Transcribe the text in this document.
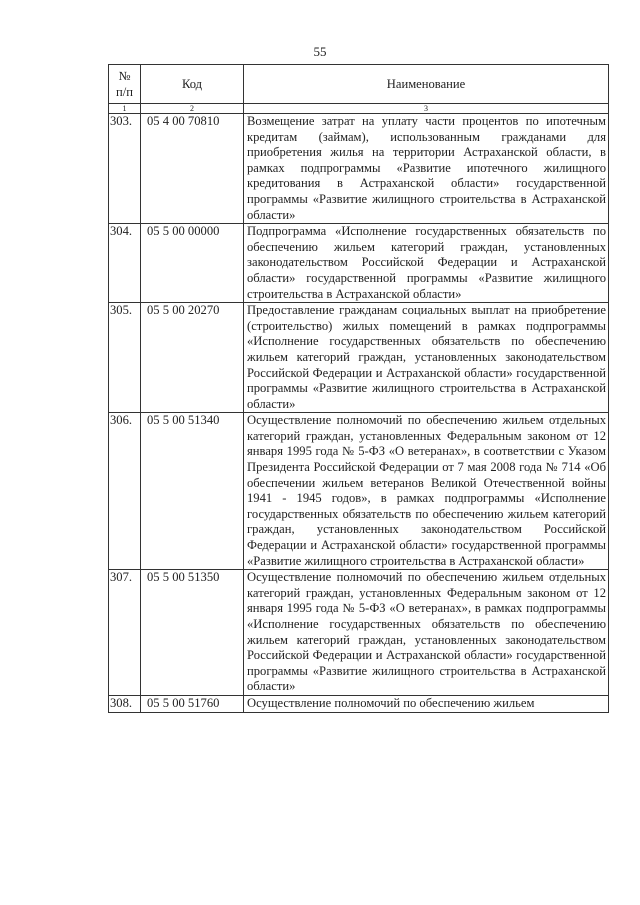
55
№ п/п	Код	Наименование
1	2	3
303.	05 4 00 70810	Возмещение затрат на уплату части процентов по ипотечным кредитам (займам), использованным гражданами для приобретения жилья на территории Астраханской области, в рамках подпрограммы «Развитие ипотечного жилищного кредитования в Астраханской области» государственной программы «Развитие жилищного строительства в Астраханской области»
304.	05 5 00 00000	Подпрограмма «Исполнение государственных обязательств по обеспечению жильем категорий граждан, установленных законодательством Российской Федерации и Астраханской области» государственной программы «Развитие жилищного строительства в Астраханской области»
305.	05 5 00 20270	Предоставление гражданам социальных выплат на приобретение (строительство) жилых помещений в рамках подпрограммы «Исполнение государственных обязательств по обеспечению жильем категорий граждан, установленных законодательством Российской Федерации и Астраханской области» государственной программы «Развитие жилищного строительства в Астраханской области»
306.	05 5 00 51340	Осуществление полномочий по обеспечению жильем отдельных категорий граждан, установленных Федеральным законом от 12 января 1995 года № 5-ФЗ «О ветеранах», в соответствии с Указом Президента Российской Федерации от 7 мая 2008 года № 714 «Об обеспечении жильем ветеранов Великой Отечественной войны 1941 - 1945 годов», в рамках подпрограммы «Исполнение государственных обязательств по обеспечению жильем категорий граждан, установленных законодательством Российской Федерации и Астраханской области» государственной программы «Развитие жилищного строительства в Астраханской области»
307.	05 5 00 51350	Осуществление полномочий по обеспечению жильем отдельных категорий граждан, установленных Федеральным законом от 12 января 1995 года № 5-ФЗ «О ветеранах», в рамках подпрограммы «Исполнение государственных обязательств по обеспечению жильем категорий граждан, установленных законодательством Российской Федерации и Астраханской области» государственной программы «Развитие жилищного строительства в Астраханской области»
308.	05 5 00 51760	Осуществление полномочий по обеспечению жильем
